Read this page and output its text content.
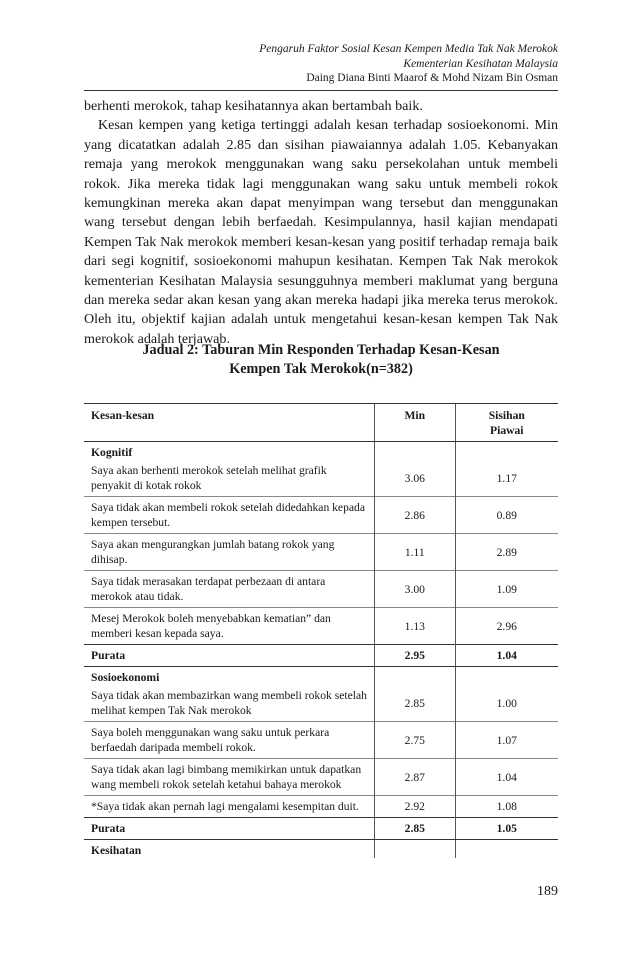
Pengaruh Faktor Sosial Kesan Kempen Media Tak Nak Merokok
Kementerian Kesihatan Malaysia
Daing Diana Binti Maarof & Mohd Nizam Bin Osman

berhenti merokok, tahap kesihatannya akan bertambah baik.

Kesan kempen yang ketiga tertinggi adalah kesan terhadap sosioekonomi. Min yang dicatatkan adalah 2.85 dan sisihan piawaiannya adalah 1.05. Kebanyakan remaja yang merokok menggunakan wang saku persekolahan untuk membeli rokok. Jika mereka tidak lagi menggunakan wang saku untuk membeli rokok kemungkinan mereka akan dapat menyimpan wang tersebut dan menggunakan wang tersebut dengan lebih berfaedah. Kesimpulannya, hasil kajian mendapati Kempen Tak Nak merokok memberi kesan-kesan yang positif terhadap remaja baik dari segi kognitif, sosioekonomi mahupun kesihatan. Kempen Tak Nak merokok kementerian Kesihatan Malaysia sesungguhnya memberi maklumat yang berguna dan mereka sedar akan kesan yang akan mereka hadapi jika mereka terus merokok. Oleh itu, objektif kajian adalah untuk mengetahui kesan-kesan kempen Tak Nak merokok adalah terjawab.

Jadual 2: Taburan Min Responden Terhadap Kesan-Kesan
Kempen Tak Merokok(n=382)
Kesan-kesan	Min	Sisihan
Piawai

Kognitif		
Saya akan berhenti merokok setelah melihat grafik penyakit di kotak rokok	3.06	1.17
Saya tidak akan membeli rokok setelah didedahkan kepada kempen tersebut.	2.86	0.89
Saya akan mengurangkan jumlah batang rokok yang dihisap.	1.11	2.89
Saya tidak merasakan terdapat perbezaan di antara merokok atau tidak.	3.00	1.09
Mesej Merokok boleh menyebabkan kematian” dan memberi kesan kepada saya.	1.13	2.96
Purata	2.95	1.04
Sosioekonomi		
Saya tidak akan membazirkan wang membeli rokok setelah melihat kempen Tak Nak merokok	2.85	1.00
Saya boleh menggunakan wang saku untuk perkara berfaedah daripada membeli rokok.	2.75	1.07
Saya tidak akan lagi bimbang memikirkan untuk dapatkan wang membeli rokok setelah ketahui bahaya merokok	2.87	1.04
*Saya tidak akan pernah lagi mengalami kesempitan duit.	2.92	1.08
Purata	2.85	1.05
Kesihatan		
189
